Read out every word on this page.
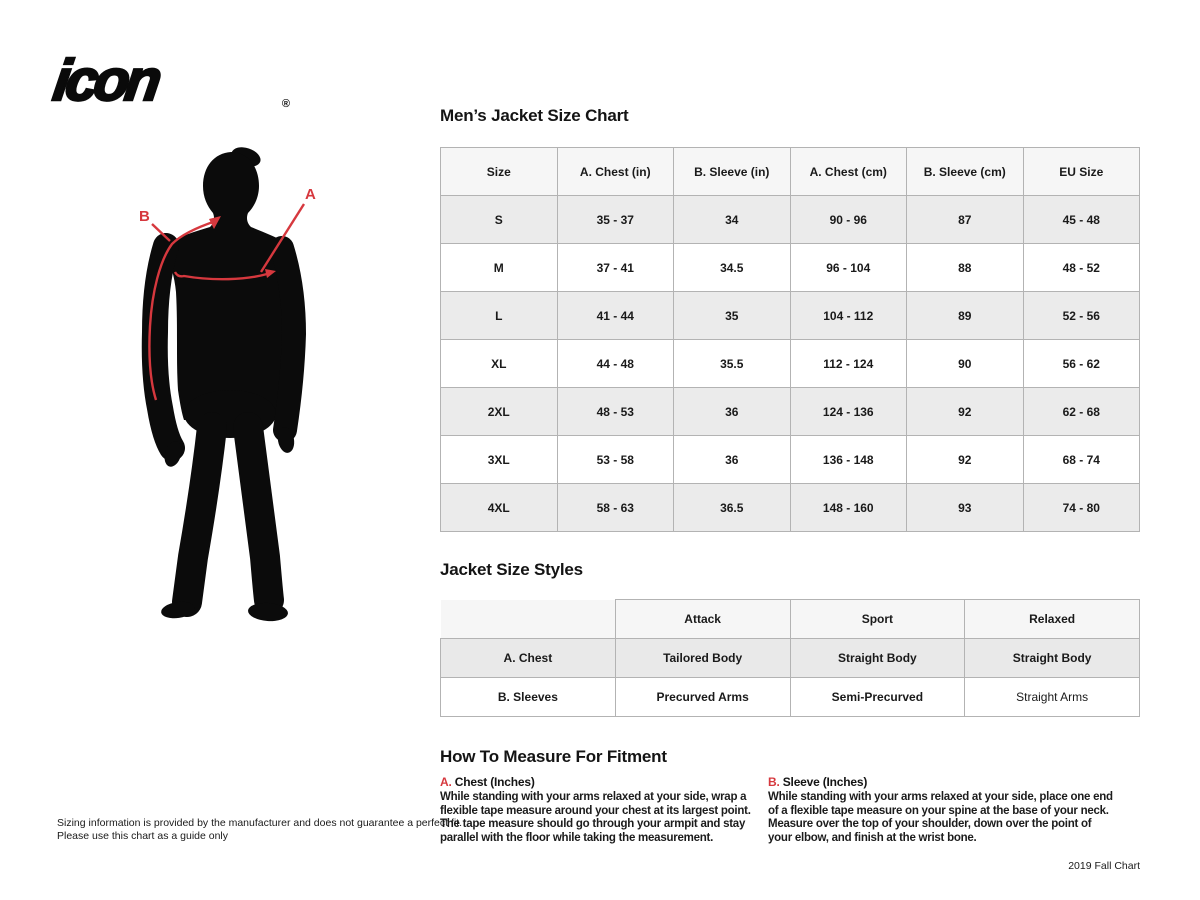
icon	®
A
B
Men’s Jacket Size Chart
Size	A. Chest (in)	B. Sleeve (in)	A. Chest (cm)	B. Sleeve (cm)	EU Size
S	35 - 37	34	90 - 96	87	45 - 48
M	37 - 41	34.5	96 - 104	88	48 - 52
L	41 - 44	35	104 - 112	89	52 - 56
XL	44 - 48	35.5	112 - 124	90	56 - 62
2XL	48 - 53	36	124 - 136	92	62 - 68
3XL	53 - 58	36	136 - 148	92	68 - 74
4XL	58 - 63	36.5	148 - 160	93	74 - 80
Jacket Size Styles
	Attack	Sport	Relaxed
A. Chest	Tailored Body	Straight Body	Straight Body
B. Sleeves	Precurved Arms	Semi-Precurved	Straight Arms
How To Measure For Fitment
A. Chest (Inches)
While standing with your arms relaxed at your side, wrap a flexible tape measure around your chest at its largest point. The tape measure should go through your armpit and stay parallel with the floor while taking the measurement.
B. Sleeve (Inches)
While standing with your arms relaxed at your side, place one end of a flexible tape measure on your spine at the base of your neck. Measure over the top of your shoulder, down over the point of your elbow, and finish at the wrist bone.
Sizing information is provided by the manufacturer and does not guarantee a perfect fit.
Please use this chart as a guide only
2019 Fall Chart
